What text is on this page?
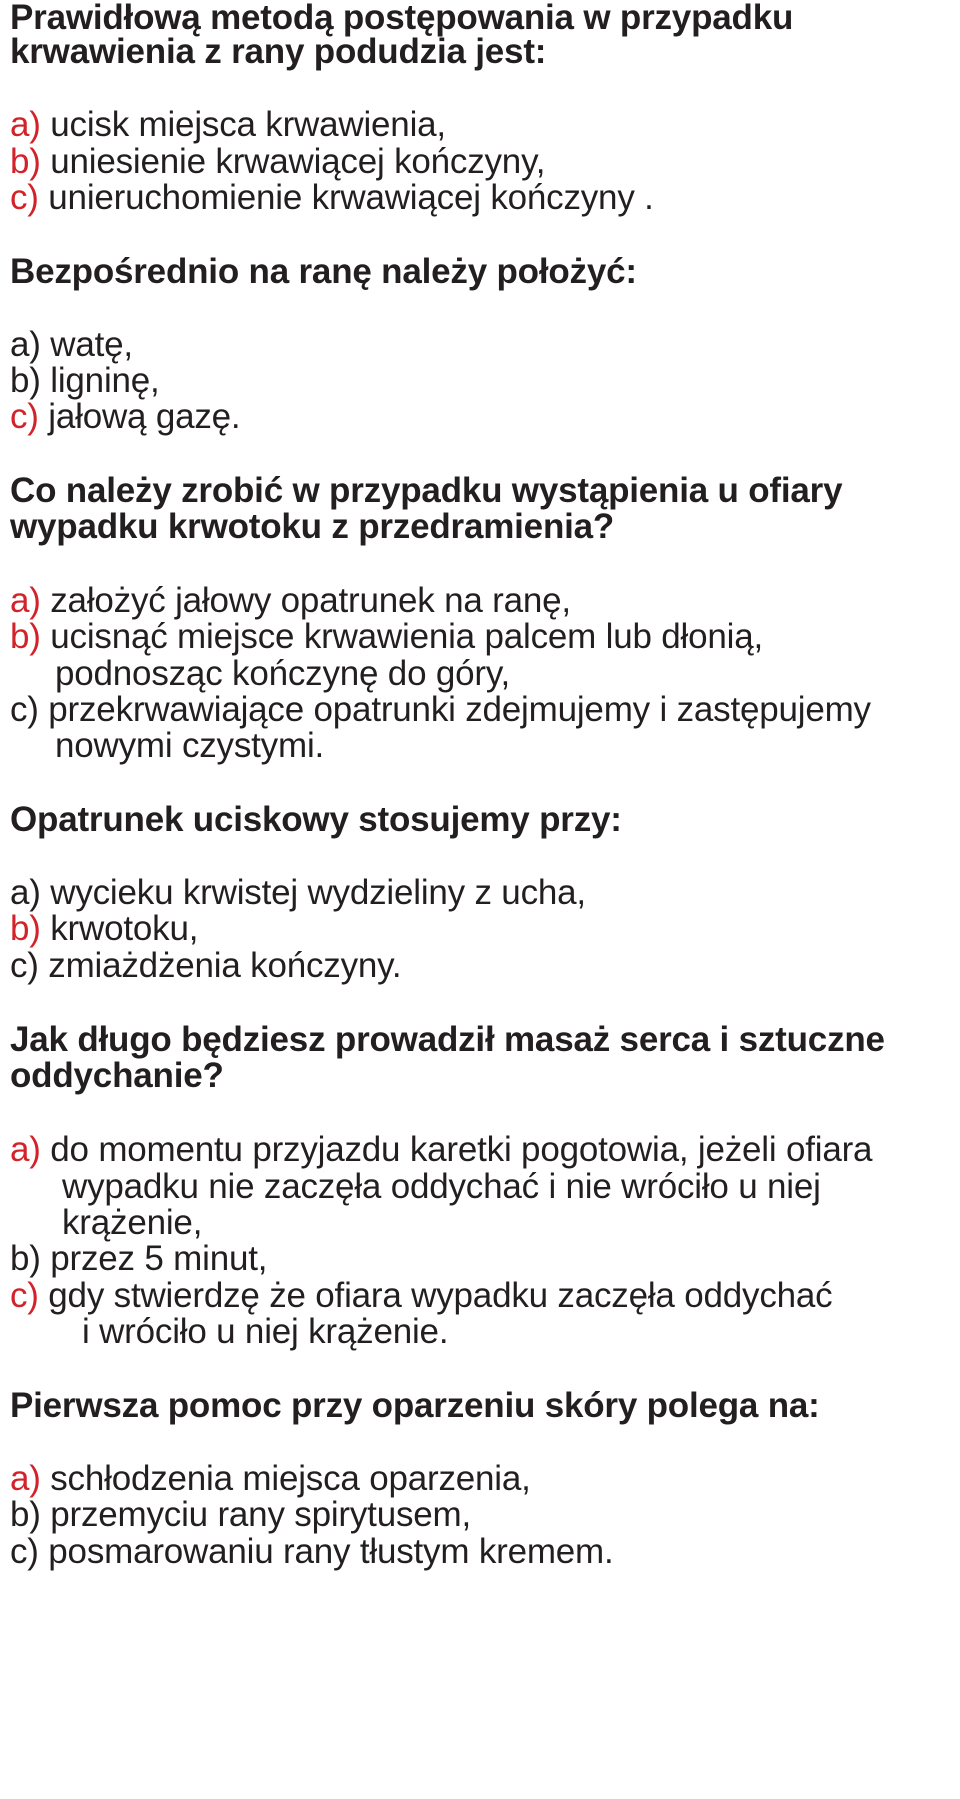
Prawidłową metodą postępowania w przypadku
krwawienia z rany podudzia jest:
a) ucisk miejsca krwawienia,
b) uniesienie krwawiącej kończyny,
c) unieruchomienie krwawiącej kończyny .
Bezpośrednio na ranę należy położyć:
a) watę,
b) ligninę,
c) jałową gazę.
Co należy zrobić w przypadku wystąpienia u ofiary
wypadku krwotoku z przedramienia?
a) założyć jałowy opatrunek na ranę,
b) ucisnąć miejsce krwawienia palcem lub dłonią,
podnosząc kończynę do góry,
c) przekrwawiające opatrunki zdejmujemy i zastępujemy
nowymi czystymi.
Opatrunek uciskowy stosujemy przy:
a) wycieku krwistej wydzieliny z ucha,
b) krwotoku,
c) zmiażdżenia kończyny.
Jak długo będziesz prowadził masaż serca i sztuczne
oddychanie?
a) do momentu przyjazdu karetki pogotowia, jeżeli ofiara
wypadku nie zaczęła oddychać i nie wróciło u niej
krążenie,
b) przez 5 minut,
c) gdy stwierdzę że ofiara wypadku zaczęła oddychać
i wróciło u niej krążenie.
Pierwsza pomoc przy oparzeniu skóry polega na:
a) schłodzenia miejsca oparzenia,
b) przemyciu rany spirytusem,
c) posmarowaniu rany tłustym kremem.
